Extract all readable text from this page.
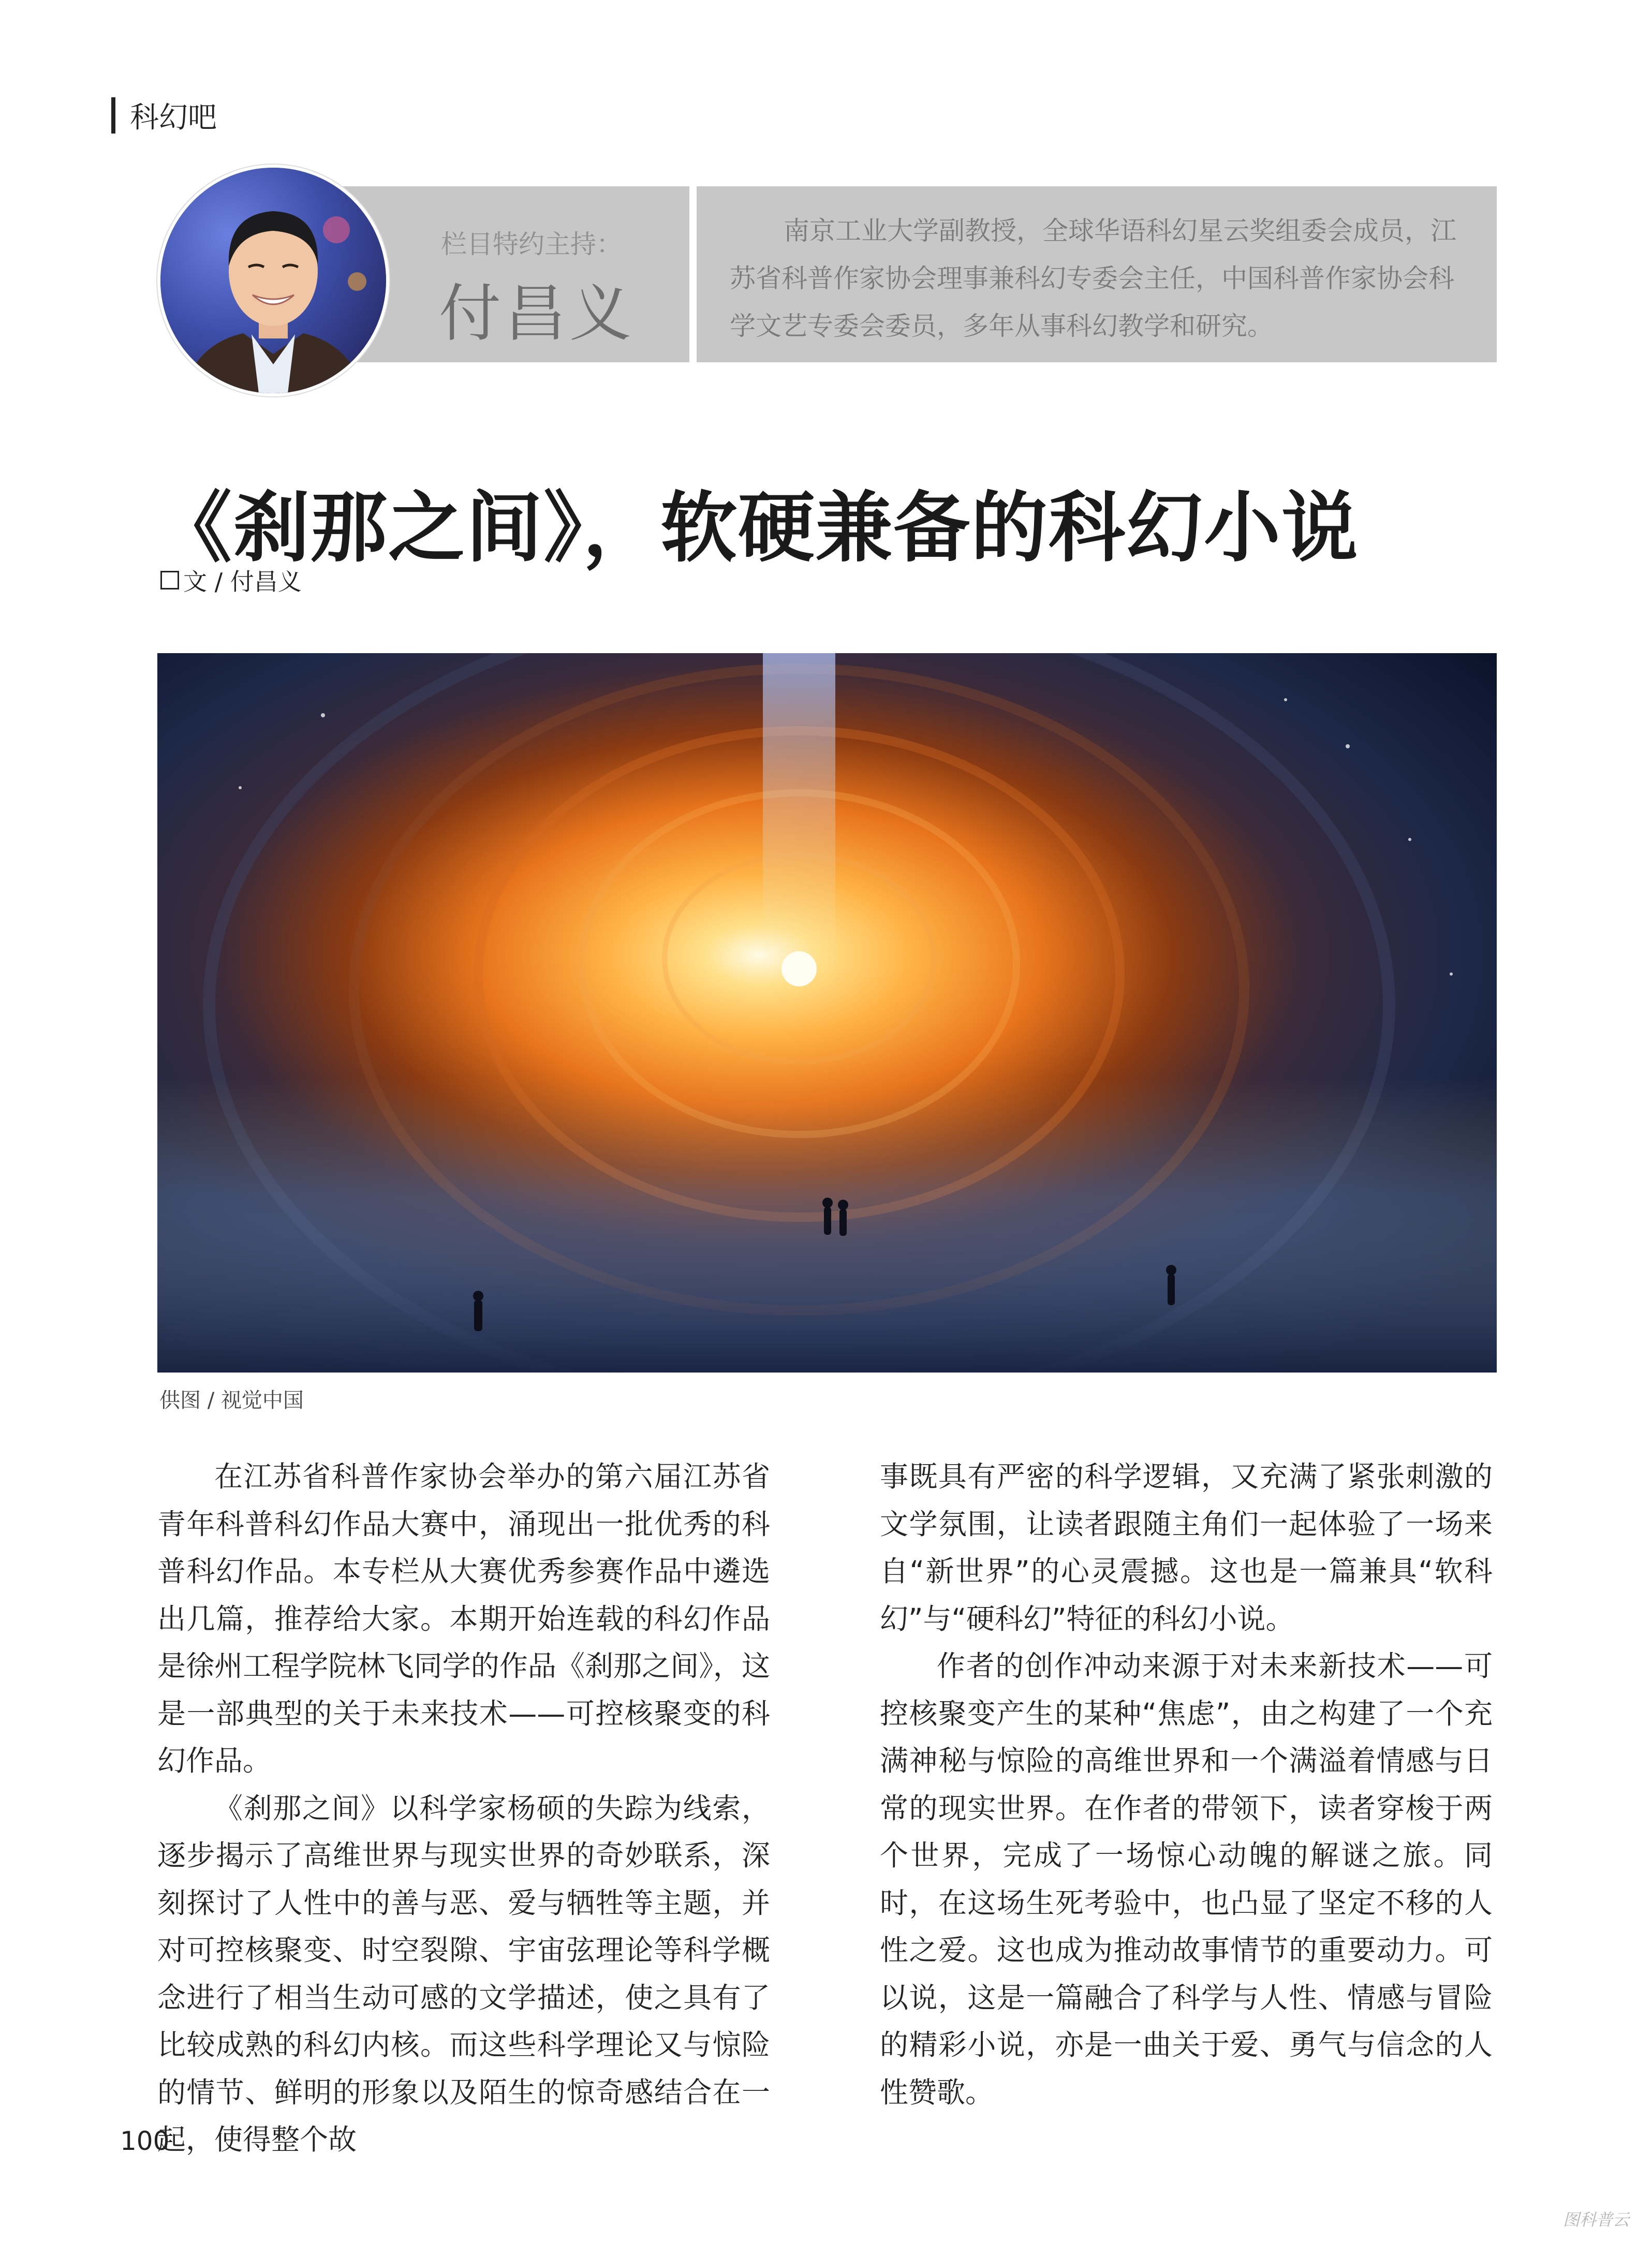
科幻吧
栏目特约主持：
付昌义
南京工业大学副教授，全球华语科幻星云奖组委会成员，江苏省科普作家协会理事兼科幻专委会主任，中国科普作家协会科学文艺专委会委员，多年从事科幻教学和研究。
《刹那之间》，软硬兼备的科幻小说
文 / 付昌义
供图 / 视觉中国

在江苏省科普作家协会举办的第六届江苏省青年科普科幻作品大赛中，涌现出一批优秀的科普科幻作品。本专栏从大赛优秀参赛作品中遴选出几篇，推荐给大家。本期开始连载的科幻作品是徐州工程学院林飞同学的作品《刹那之间》，这是一部典型的关于未来技术——可控核聚变的科幻作品。

《刹那之间》以科学家杨硕的失踪为线索，逐步揭示了高维世界与现实世界的奇妙联系，深刻探讨了人性中的善与恶、爱与牺牲等主题，并对可控核聚变、时空裂隙、宇宙弦理论等科学概念进行了相当生动可感的文学描述，使之具有了比较成熟的科幻内核。而这些科学理论又与惊险的情节、鲜明的形象以及陌生的惊奇感结合在一起，使得整个故

事既具有严密的科学逻辑，又充满了紧张刺激的文学氛围，让读者跟随主角们一起体验了一场来自“新世界”的心灵震撼。这也是一篇兼具“软科幻”与“硬科幻”特征的科幻小说。

作者的创作冲动来源于对未来新技术——可控核聚变产生的某种“焦虑”，由之构建了一个充满神秘与惊险的高维世界和一个满溢着情感与日常的现实世界。在作者的带领下，读者穿梭于两个世界，完成了一场惊心动魄的解谜之旅。同时，在这场生死考验中，也凸显了坚定不移的人性之爱。这也成为推动故事情节的重要动力。可以说，这是一篇融合了科学与人性、情感与冒险的精彩小说，亦是一曲关于爱、勇气与信念的人性赞歌。

100
图科普云
